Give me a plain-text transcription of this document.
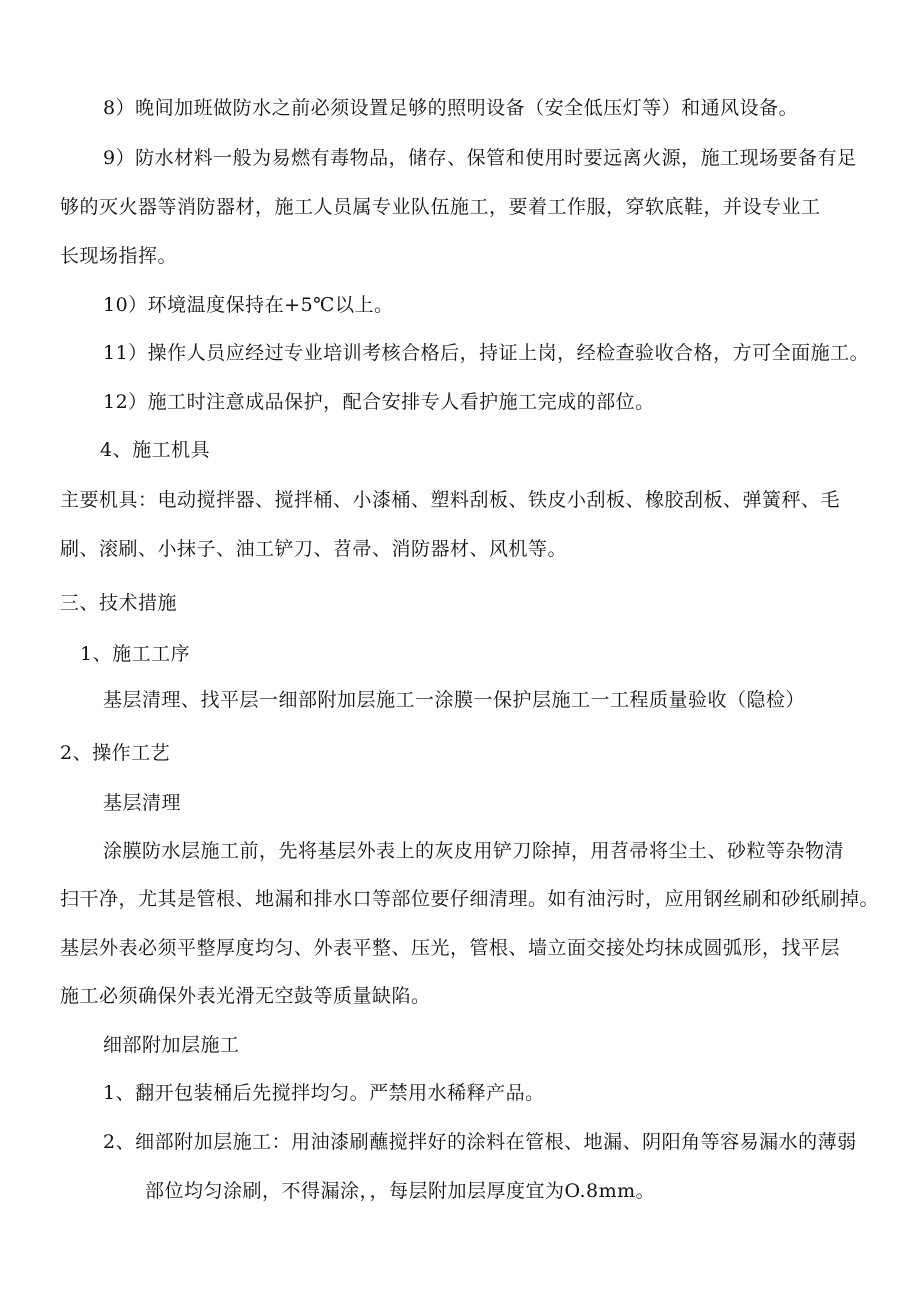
8）晚间加班做防水之前必须设置足够的照明设备（安全低压灯等）和通风设备。
9）防水材料一般为易燃有毒物品，储存、保管和使用时要远离火源，施工现场要备有足
够的灭火器等消防器材，施工人员属专业队伍施工，要着工作服，穿软底鞋，并设专业工
长现场指挥。
10）环境温度保持在+5℃以上。
11）操作人员应经过专业培训考核合格后，持证上岗，经检查验收合格，方可全面施工。
12）施工时注意成品保护，配合安排专人看护施工完成的部位。
4、施工机具
主要机具：电动搅拌器、搅拌桶、小漆桶、塑料刮板、铁皮小刮板、橡胶刮板、弹簧秤、毛
刷、滚刷、小抹子、油工铲刀、苕帚、消防器材、风机等。
三、技术措施
1、施工工序
基层清理、找平层一细部附加层施工一涂膜一保护层施工一工程质量验收（隐检）
2、操作工艺
基层清理
涂膜防水层施工前，先将基层外表上的灰皮用铲刀除掉，用苕帚将尘土、砂粒等杂物清
扫干净，尤其是管根、地漏和排水口等部位要仔细清理。如有油污时，应用钢丝刷和砂纸刷掉。
基层外表必须平整厚度均匀、外表平整、压光，管根、墙立面交接处均抹成圆弧形，找平层
施工必须确保外表光滑无空鼓等质量缺陷。
细部附加层施工
1、翻开包装桶后先搅拌均匀。严禁用水稀释产品。
2、细部附加层施工：用油漆刷蘸搅拌好的涂料在管根、地漏、阴阳角等容易漏水的薄弱
部位均匀涂刷，不得漏涂，，每层附加层厚度宜为O.8mm。
